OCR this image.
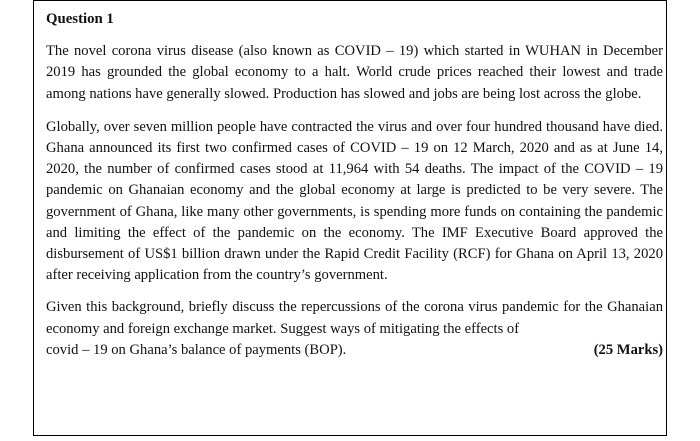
Question 1

The novel corona virus disease (also known as COVID – 19) which started in WUHAN in December 2019 has grounded the global economy to a halt. World crude prices reached their lowest and trade among nations have generally slowed. Production has slowed and jobs are being lost across the globe.

Globally, over seven million people have contracted the virus and over four hundred thousand have died. Ghana announced its first two confirmed cases of COVID – 19 on 12 March, 2020 and as at June 14, 2020, the number of confirmed cases stood at 11,964 with 54 deaths. The impact of the COVID – 19 pandemic on Ghanaian economy and the global economy at large is predicted to be very severe. The government of Ghana, like many other governments, is spending more funds on containing the pandemic and limiting the effect of the pandemic on the economy. The IMF Executive Board approved the disbursement of US$1 billion drawn under the Rapid Credit Facility (RCF) for Ghana on April 13, 2020 after receiving application from the country’s government.

Given this background, briefly discuss the repercussions of the corona virus pandemic for the Ghanaian economy and foreign exchange market. Suggest ways of mitigating the effects of
covid – 19 on Ghana’s balance of payments (BOP).	(25 Marks)
